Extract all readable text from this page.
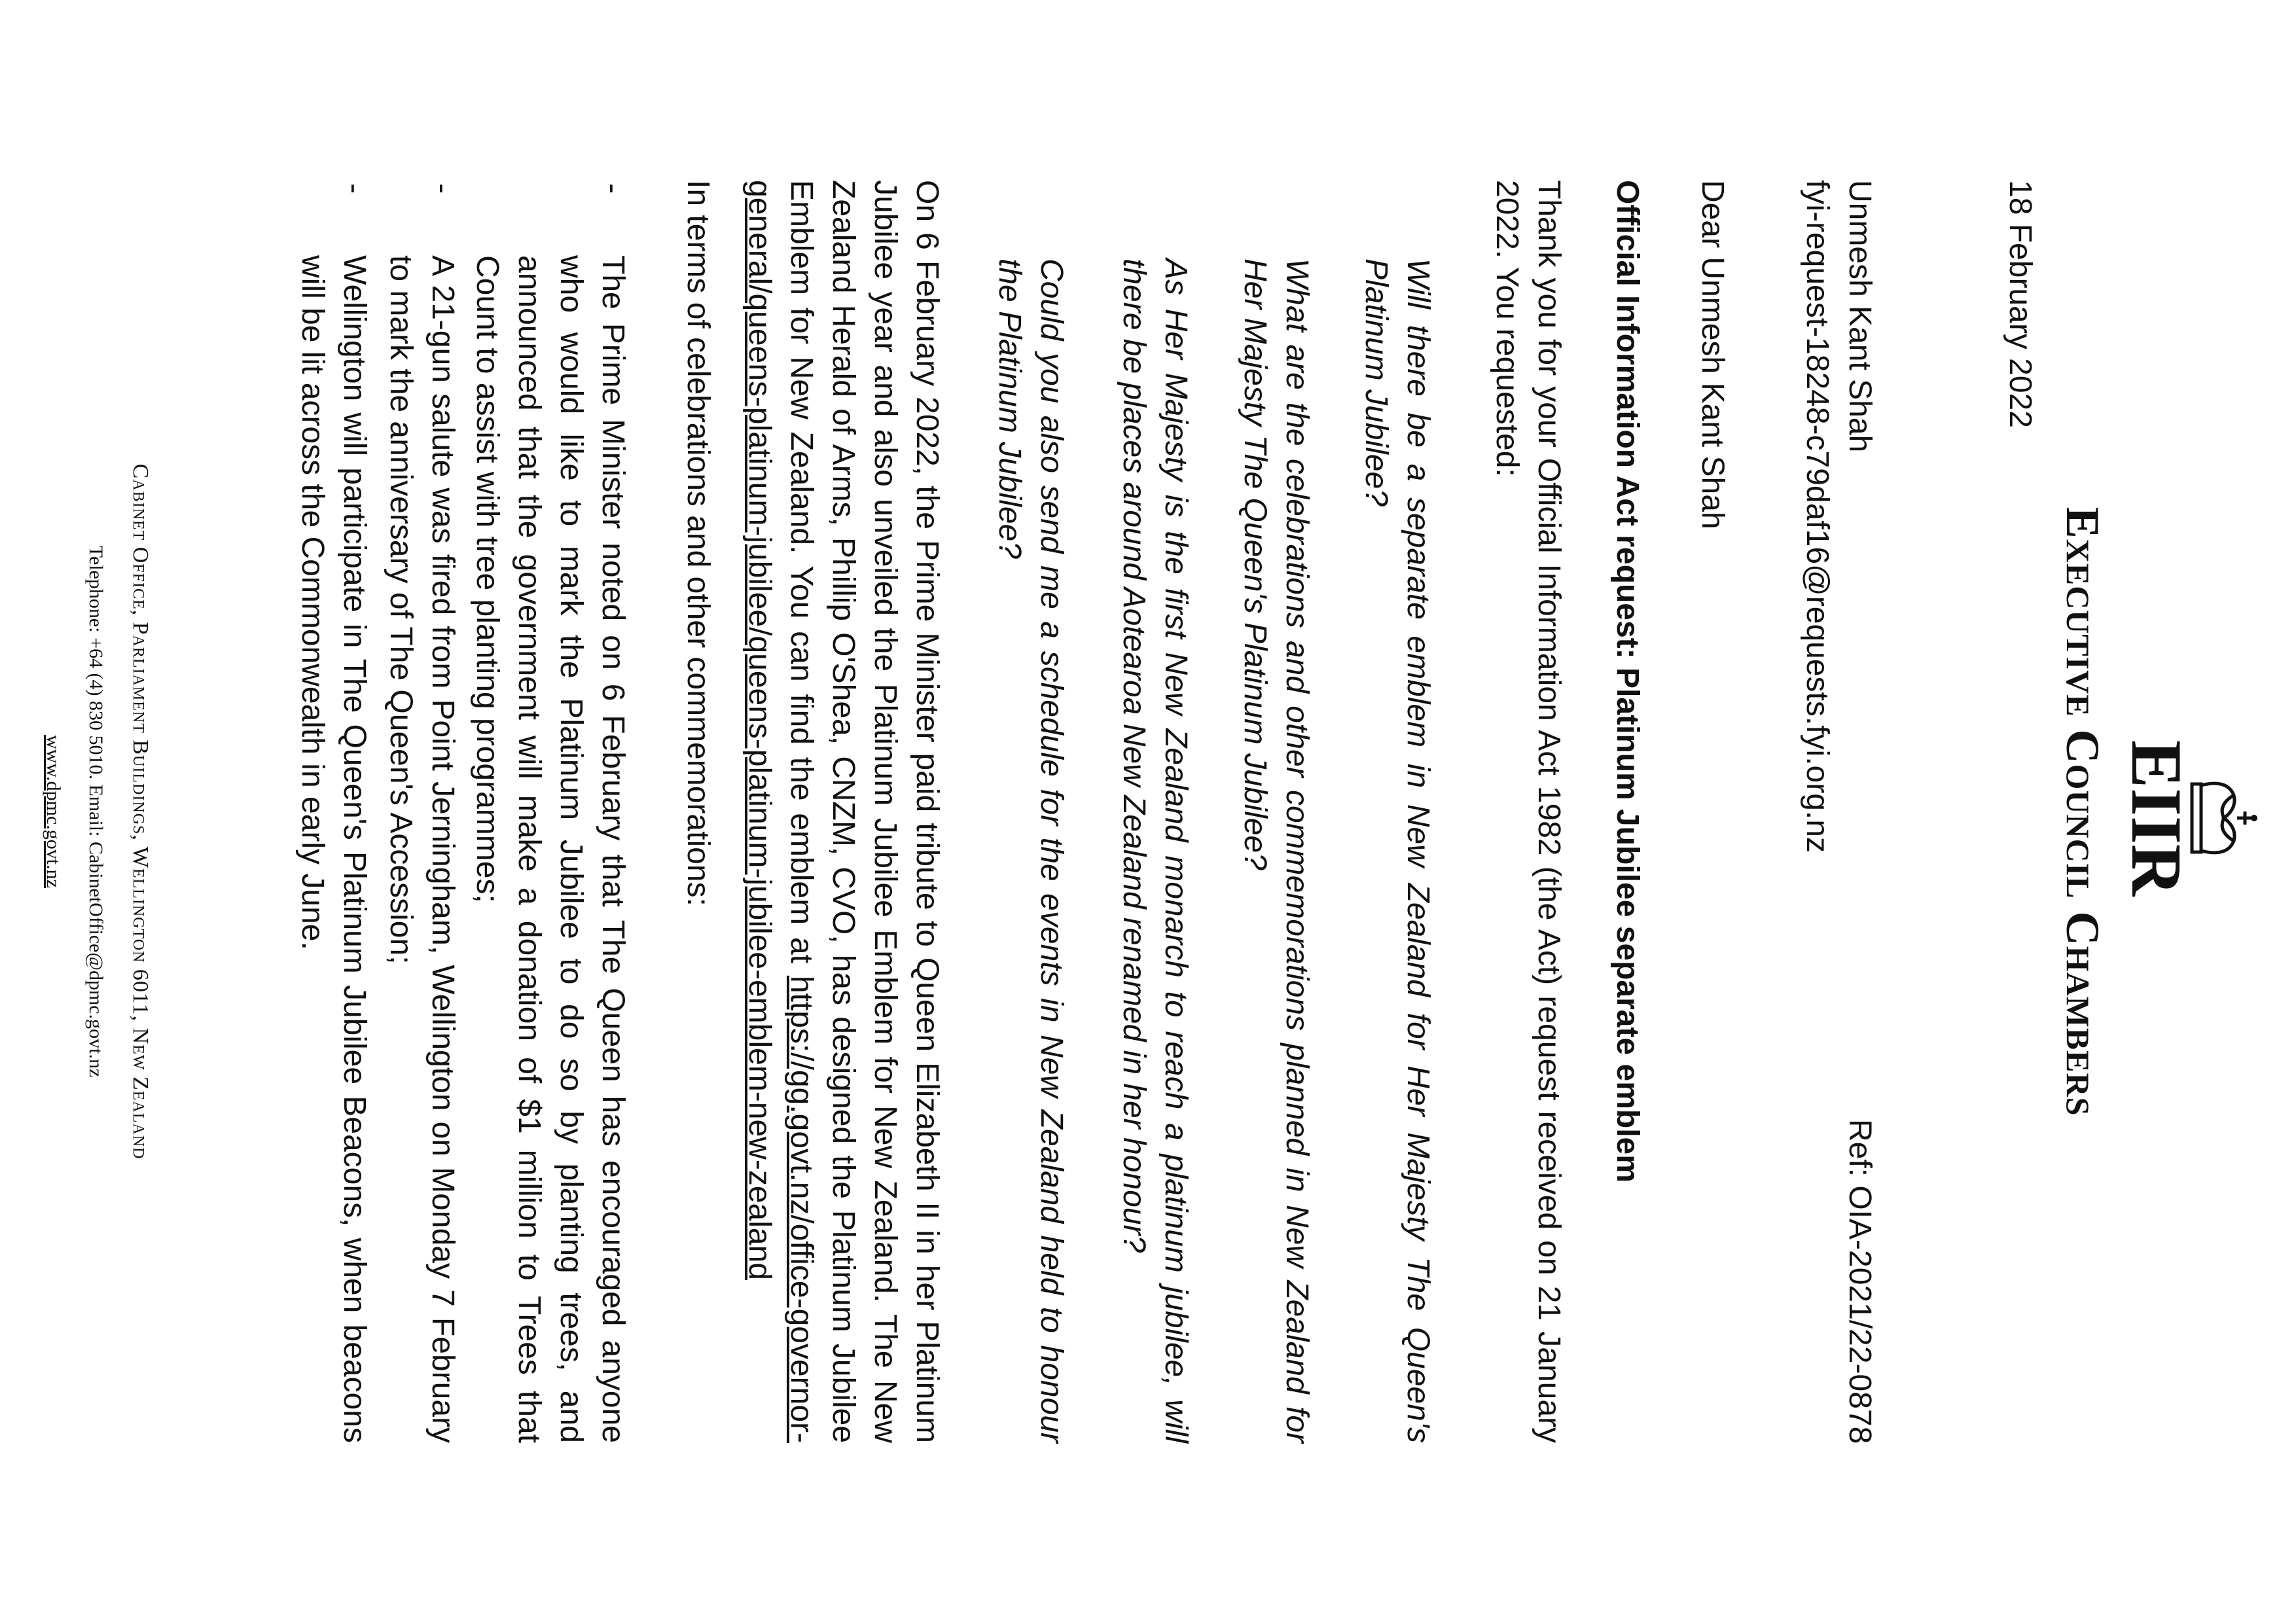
EIIR
Executive Council Chambers
18 February 2022
Ref: OIA-2021/22-0878
Unmesh Kant Shah
fyi-request-18248-c79daf16@requests.fyi.org.nz
Dear Unmesh Kant Shah
Official Information Act request: Platinum Jubilee separate emblem
Thank you for your Official Information Act 1982 (the Act) request received on 21 January 2022. You requested:
Will there be a separate emblem in New Zealand for Her Majesty The Queen's Platinum Jubilee?
What are the celebrations and other commemorations planned in New Zealand for Her Majesty The Queen's Platinum Jubilee?
As Her Majesty is the first New Zealand monarch to reach a platinum jubilee, will there be places around Aotearoa New Zealand renamed in her honour?
Could you also send me a schedule for the events in New Zealand held to honour the Platinum Jubilee?
On 6 February 2022, the Prime Minister paid tribute to Queen Elizabeth II in her Platinum Jubilee year and also unveiled the Platinum Jubilee Emblem for New Zealand. The New Zealand Herald of Arms, Phillip O'Shea, CNZM, CVO, has designed the Platinum Jubilee Emblem for New Zealand. You can find the emblem at https://gg.govt.nz/office-governor-general/queens-platinum-jubilee/queens-platinum-jubilee-emblem-new-zealand
In terms of celebrations and other commemorations:
-
The Prime Minister noted on 6 February that The Queen has encouraged anyone who would like to mark the Platinum Jubilee to do so by planting trees, and announced that the government will make a donation of $1 million to Trees that Count to assist with tree planting programmes;
-
A 21-gun salute was fired from Point Jerningham, Wellington on Monday 7 February to mark the anniversary of The Queen's Accession;
-
Wellington will participate in The Queen's Platinum Jubilee Beacons, when beacons will be lit across the Commonwealth in early June.
Cabinet Office, Parliament Buildings, Wellington 6011, New Zealand
Telephone: +64 (4) 830 5010. Email: CabinetOffice@dpmc.govt.nz
www.dpmc.govt.nz
